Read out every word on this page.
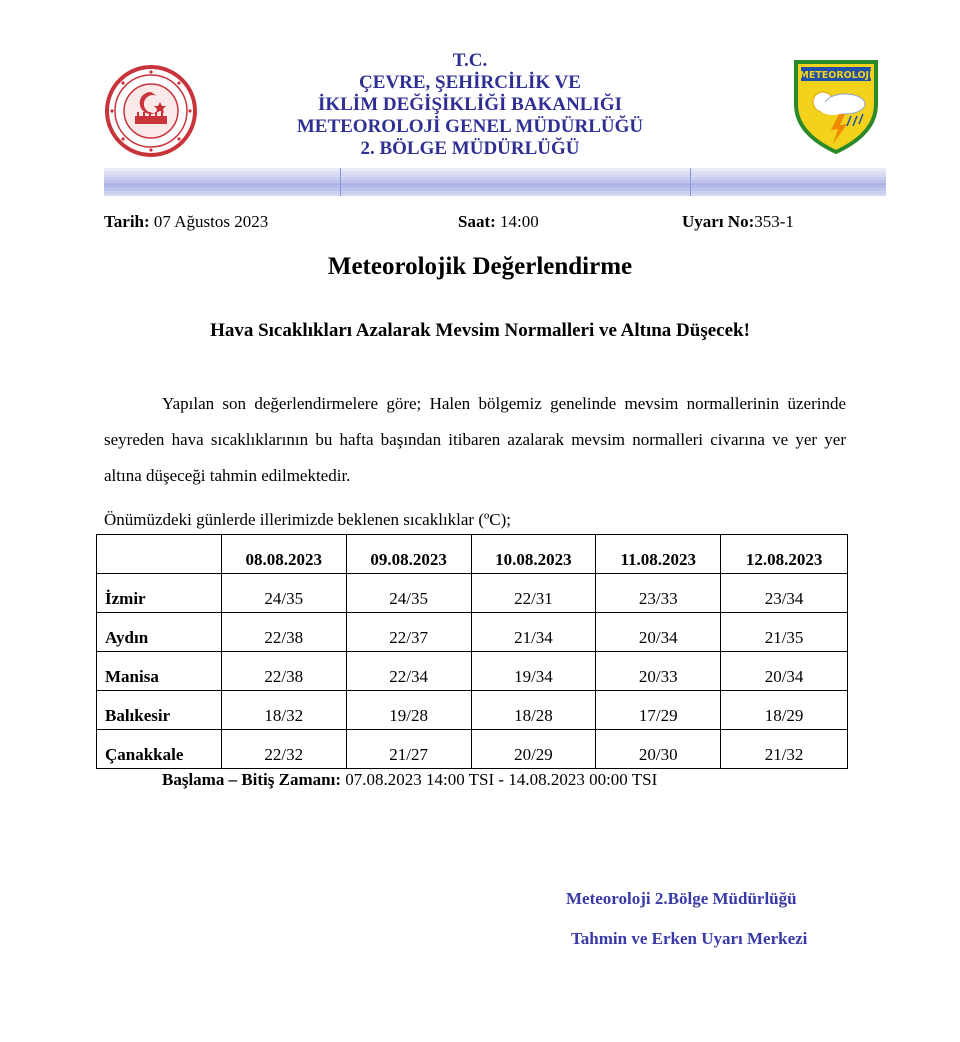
T.C.
ÇEVRE, ŞEHİRCİLİK VE
İKLİM DEĞİŞİKLİĞİ BAKANLIĞI
METEOROLOJİ GENEL MÜDÜRLÜĞÜ
2. BÖLGE MÜDÜRLÜĞÜ
METEOROLOJİ
Tarih: 07 Ağustos 2023	Saat: 14:00	Uyarı No:353-1
Meteorolojik Değerlendirme
Hava Sıcaklıkları Azalarak Mevsim Normalleri ve Altına Düşecek!
Yapılan son değerlendirmelere göre; Halen bölgemiz genelinde mevsim normallerinin üzerinde seyreden hava sıcaklıklarının bu hafta başından itibaren azalarak mevsim normalleri civarına ve yer yer altına düşeceği tahmin edilmektedir.
Önümüzdeki günlerde illerimizde beklenen sıcaklıklar (ºC);
	08.08.2023	09.08.2023	10.08.2023	11.08.2023	12.08.2023
İzmir	24/35	24/35	22/31	23/33	23/34
Aydın	22/38	22/37	21/34	20/34	21/35
Manisa	22/38	22/34	19/34	20/33	20/34
Balıkesir	18/32	19/28	18/28	17/29	18/29
Çanakkale	22/32	21/27	20/29	20/30	21/32
Başlama – Bitiş Zamanı: 07.08.2023 14:00 TSI - 14.08.2023 00:00 TSI
Meteoroloji 2.Bölge Müdürlüğü
Tahmin ve Erken Uyarı Merkezi
